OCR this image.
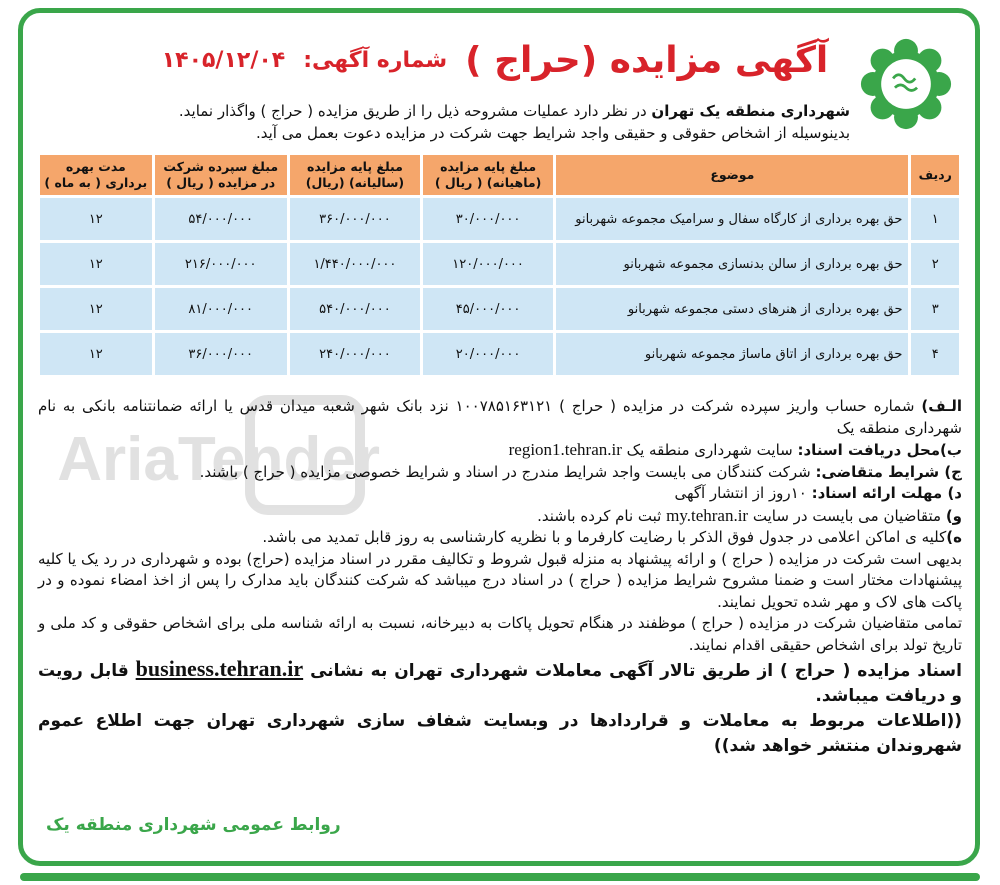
آگهی مزایده (حراج )
شماره آگهی:
۱۴۰۵/۱۲/۰۴
شهرداری منطقه یک تهران در نظر دارد عملیات مشروحه ذیل را از طریق مزایده ( حراج ) واگذار نماید.
بدینوسیله از اشخاص حقوقی و حقیقی واجد شرایط جهت شرکت در مزایده دعوت بعمل می آید.
AriaTender
ردیف	موضوع	مبلغ پایه مزایده (ماهیانه) ( ریال )	مبلغ پایه مزایده (سالیانه) (ریال)	مبلغ سپرده شرکت در مزایده ( ریال )	مدت بهره برداری ( به ماه )
۱	حق بهره برداری از کارگاه سفال و سرامیک مجموعه شهربانو	۳۰/۰۰۰/۰۰۰	۳۶۰/۰۰۰/۰۰۰	۵۴/۰۰۰/۰۰۰	۱۲
۲	حق بهره برداری از سالن بدنسازی مجموعه شهربانو	۱۲۰/۰۰۰/۰۰۰	۱/۴۴۰/۰۰۰/۰۰۰	۲۱۶/۰۰۰/۰۰۰	۱۲
۳	حق بهره برداری از هنرهای دستی مجموعه شهربانو	۴۵/۰۰۰/۰۰۰	۵۴۰/۰۰۰/۰۰۰	۸۱/۰۰۰/۰۰۰	۱۲
۴	حق بهره برداری از اتاق ماساژ مجموعه شهربانو	۲۰/۰۰۰/۰۰۰	۲۴۰/۰۰۰/۰۰۰	۳۶/۰۰۰/۰۰۰	۱۲

الـف) شماره حساب واریز سپرده شرکت در مزایده ( حراج ) ۱۰۰۷۸۵۱۶۳۱۲۱ نزد بانک شهر شعبه میدان قدس یا ارائه ضمانتنامه بانکی به نام شهرداری منطقه یک

ب)محل دریافت اسناد: سایت شهرداری منطقه یک region1.tehran.ir

ج) شرایط متقاضی: شرکت کنندگان می بایست واجد شرایط مندرج در اسناد و شرایط خصوصی مزایده ( حراج ) باشند.

د) مهلت ارائه اسناد: ۱۰روز از انتشار آگهی

و) متقاضیان می بایست در سایت my.tehran.ir ثبت نام کرده باشند.

ه)کلیه ی اماکن اعلامی در جدول فوق الذکر با رضایت کارفرما و با نظریه کارشناسی به روز قابل تمدید می باشد.

بدیهی است شرکت در مزایده ( حراج ) و ارائه پیشنهاد به منزله قبول شروط و تکالیف مقرر در اسناد مزایده (حراج) بوده و شهرداری در رد یک یا کلیه پیشنهادات مختار است و ضمنا مشروح شرایط مزایده ( حراج ) در اسناد درج میباشد که شرکت کنندگان باید مدارک را پس از اخذ امضاء نموده و در پاکت های لاک و مهر شده تحویل نمایند.

تمامی متقاضیان شرکت در مزایده ( حراج ) موظفند در هنگام تحویل پاکات به دبیرخانه، نسبت به ارائه شناسه ملی برای اشخاص حقوقی و کد ملی و تاریخ تولد برای اشخاص حقیقی اقدام نمایند.

اسناد مزایده ( حراج ) از طریق تالار آگهی معاملات شهرداری تهران به نشانی business.tehran.ir قابل رویت و دریافت میباشد.

((اطلاعات مربوط به معاملات و قراردادها در وبسایت شفاف سازی شهرداری تهران جهت اطلاع عموم شهروندان منتشر خواهد شد))

روابط عمومی شهرداری منطقه یک
